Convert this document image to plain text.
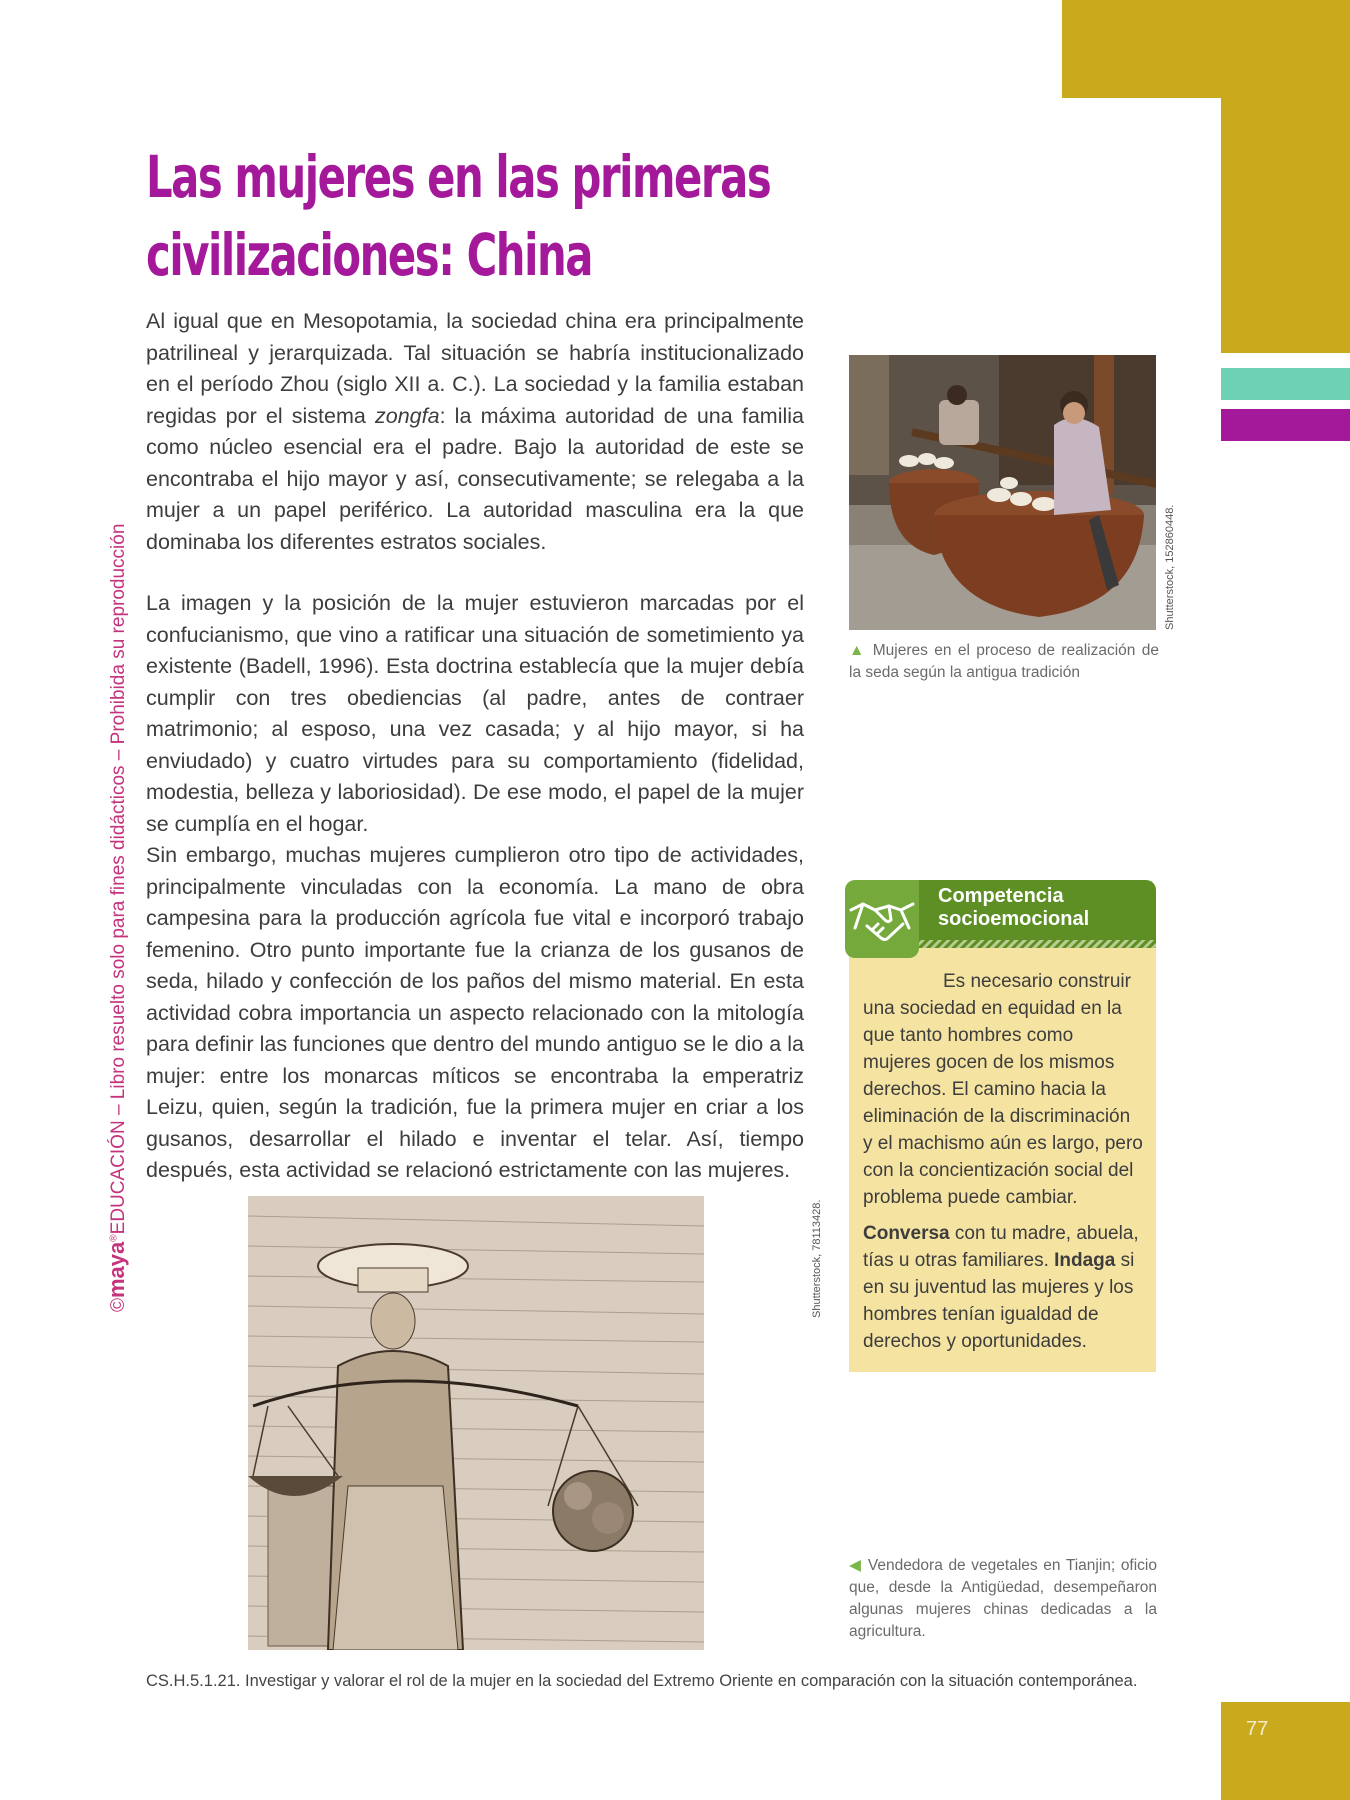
77
©maya®EDUCACIÓN – Libro resuelto solo para fines didácticos – Prohibida su reproducción
Las mujeres en las primeras
civilizaciones: China

Al igual que en Mesopotamia, la sociedad china era principalmente patrilineal y jerarquizada. Tal situación se habría institucionalizado en el período Zhou (siglo XII a. C.). La sociedad y la familia estaban regidas por el sistema zongfa: la máxima autoridad de una familia como núcleo esencial era el padre. Bajo la autoridad de este se encontraba el hijo mayor y así, consecutivamente; se relegaba a la mujer a un papel periférico. La autoridad masculina era la que dominaba los diferentes estratos sociales.

La imagen y la posición de la mujer estuvieron marcadas por el confucianismo, que vino a ratificar una situación de sometimiento ya existente (Badell, 1996). Esta doctrina establecía que la mujer debía cumplir con tres obediencias (al padre, antes de contraer matrimonio; al esposo, una vez casada; y al hijo mayor, si ha enviudado) y cuatro virtudes para su comportamiento (fidelidad, modestia, belleza y laboriosidad). De ese modo, el papel de la mujer se cumplía en el hogar.

Sin embargo, muchas mujeres cumplieron otro tipo de actividades, principalmente vinculadas con la economía. La mano de obra campesina para la producción agrícola fue vital e incorporó trabajo femenino. Otro punto importante fue la crianza de los gusanos de seda, hilado y confección de los paños del mismo material. En esta actividad cobra importancia un aspecto relacionado con la mitología para definir las funciones que dentro del mundo antiguo se le dio a la mujer: entre los monarcas míticos se encontraba la emperatriz Leizu, quien, según la tradición, fue la primera mujer en criar a los gusanos, desarrollar el hilado e inventar el telar. Así, tiempo después, esta actividad se relacionó estrictamente con las mujeres.

Shutterstock, 152860448.

▲ Mujeres en el proceso de realización de la seda según la antigua tradición

Competencia
socioemocional

Es necesario construir una sociedad en equidad en la que tanto hombres como mujeres gocen de los mismos derechos. El camino hacia la eliminación de la discriminación y el machismo aún es largo, pero con la concientización social del problema puede cambiar.

Conversa con tu madre, abuela, tías u otras familiares. Indaga si en su juventud las mujeres y los hombres tenían igualdad de derechos y oportunidades.

Shutterstock, 78113428.

◀ Vendedora de vegetales en Tianjin; oficio que, desde la Antigüedad, desempeñaron algunas mujeres chinas dedicadas a la agricultura.

CS.H.5.1.21. Investigar y valorar el rol de la mujer en la sociedad del Extremo Oriente en comparación con la situación contemporánea.
